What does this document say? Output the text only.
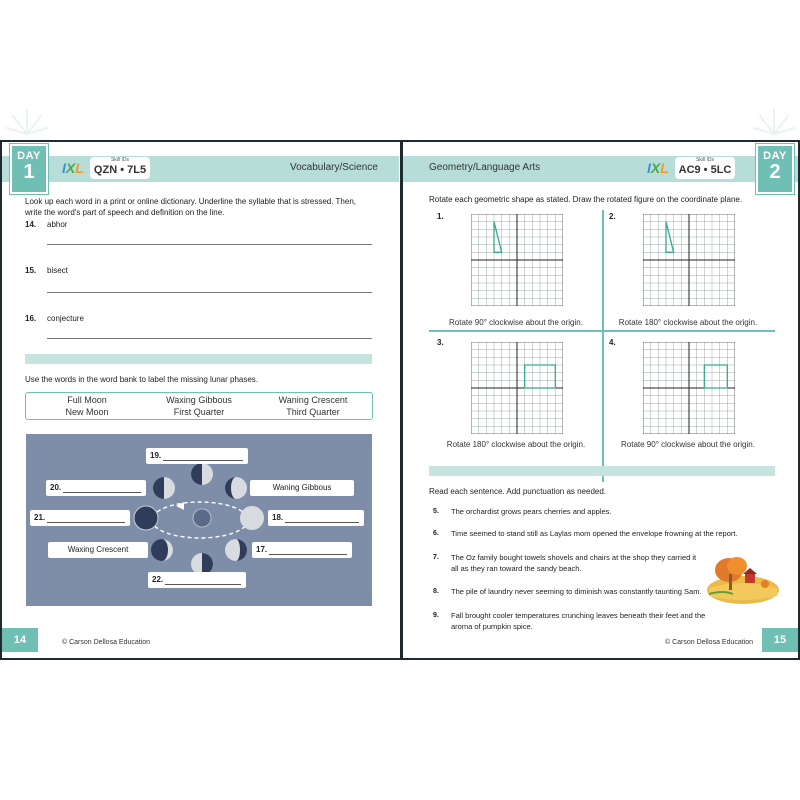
DAY
1	IXL	Skill IDs
QZN • 7L5	Vocabulary/Science
Look up each word in a print or online dictionary. Underline the syllable that is stressed. Then, write the word's part of speech and definition on the line.
14. abhor
15. bisect
16. conjecture
Use the words in the word bank to label the missing lunar phases.
Full Moon	Waxing Gibbous	Waning Crescent
New Moon	First Quarter	Third Quarter
19.
20.
21.
Waning Gibbous
18.
Waxing Crescent	17.
22.
14	© Carson Dellosa Education
Geometry/Language Arts	IXL	Skill IDs
AC9 • 5LC
DAY
2
Rotate each geometric shape as stated. Draw the rotated figure on the coordinate plane.
1.	2.
3.	4.
Rotate 90° clockwise about the origin.	Rotate 180° clockwise about the origin.
Rotate 180° clockwise about the origin.	Rotate 90° clockwise about the origin.
Read each sentence. Add punctuation as needed.
5. The orchardist grows pears cherries and apples.
6. Time seemed to stand still as Laylas mom opened the envelope frowning at the report.
7. The Oz family bought towels shovels and chairs at the shop they carried it all as they ran toward the sandy beach.
8. The pile of laundry never seeming to diminish was constantly taunting Sam.
9. Fall brought cooler temperatures crunching leaves beneath their feet and the aroma of pumpkin spice.
15
© Carson Dellosa Education
